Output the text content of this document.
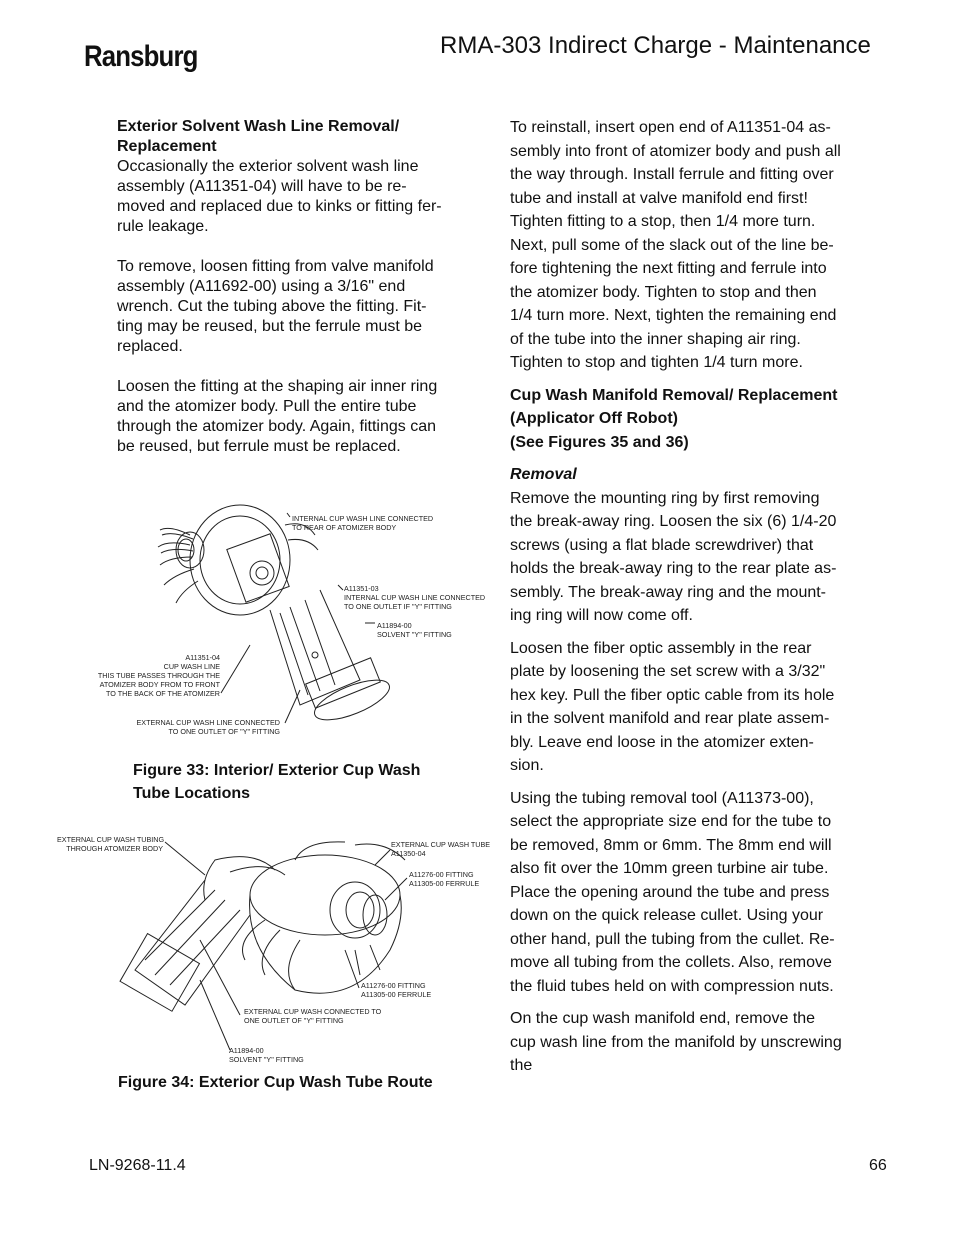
Ransburg	RMA-303 Indirect Charge - Maintenance

Exterior Solvent Wash Line Removal/
Replacement

Occasionally the exterior solvent wash line
assembly (A11351-04) will have to be re-
moved and replaced due to kinks or fitting fer-
rule leakage.

To remove, loosen fitting from valve manifold
assembly (A11692-00) using a 3/16" end
wrench. Cut the tubing above the fitting. Fit-
ting may be reused, but the ferrule must be
replaced.

Loosen the fitting at the shaping air inner ring
and the atomizer body. Pull the entire tube
through the atomizer body. Again, fittings can
be reused, but ferrule must be replaced.

INTERNAL CUP WASH LINE CONNECTED
TO REAR OF ATOMIZER BODY
A11351-03
INTERNAL CUP WASH LINE CONNECTED
TO ONE OUTLET IF "Y" FITTING
A11894-00
SOLVENT "Y" FITTING
A11351-04
CUP WASH LINE
THIS TUBE PASSES THROUGH THE
ATOMIZER BODY FROM TO FRONT
TO THE BACK OF THE ATOMIZER
EXTERNAL CUP WASH LINE CONNECTED
TO ONE OUTLET OF "Y" FITTING
Figure 33: Interior/ Exterior Cup Wash
Tube Locations
EXTERNAL CUP WASH TUBING
THROUGH ATOMIZER BODY	EXTERNAL CUP WASH TUBE
A11350-04
A11276-00 FITTING
A11305-00 FERRULE
A11276-00 FITTING
A11305-00 FERRULE
EXTERNAL CUP WASH CONNECTED TO
ONE OUTLET OF "Y" FITTING
A11894-00
SOLVENT "Y" FITTING
Figure 34: Exterior Cup Wash Tube Route

To reinstall, insert open end of A11351-04 as-
sembly into front of atomizer body and push all
the way through. Install ferrule and fitting over
tube and install at valve manifold end first!
Tighten fitting to a stop, then 1/4 more turn.
Next, pull some of the slack out of the line be-
fore tightening the next fitting and ferrule into
the atomizer body. Tighten to stop and then
1/4 turn more. Next, tighten the remaining end
of the tube into the inner shaping air ring.
Tighten to stop and tighten 1/4 turn more.

Cup Wash Manifold Removal/ Replacement
(Applicator Off Robot)
(See Figures 35 and 36)

Removal

Remove the mounting ring by first removing
the break-away ring. Loosen the six (6) 1/4-20
screws (using a flat blade screwdriver) that
holds the break-away ring to the rear plate as-
sembly. The break-away ring and the mount-
ing ring will now come off.

Loosen the fiber optic assembly in the rear
plate by loosening the set screw with a 3/32"
hex key. Pull the fiber optic cable from its hole
in the solvent manifold and rear plate assem-
bly. Leave end loose in the atomizer exten-
sion.

Using the tubing removal tool (A11373-00),
select the appropriate size end for the tube to
be removed, 8mm or 6mm. The 8mm end will
also fit over the 10mm green turbine air tube.
Place the opening around the tube and press
down on the quick release cullet. Using your
other hand, pull the tubing from the cullet. Re-
move all tubing from the collets. Also, remove
the fluid tubes held on with compression nuts.

On the cup wash manifold end, remove the
cup wash line from the manifold by unscrewing
the

LN-9268-11.4	66
